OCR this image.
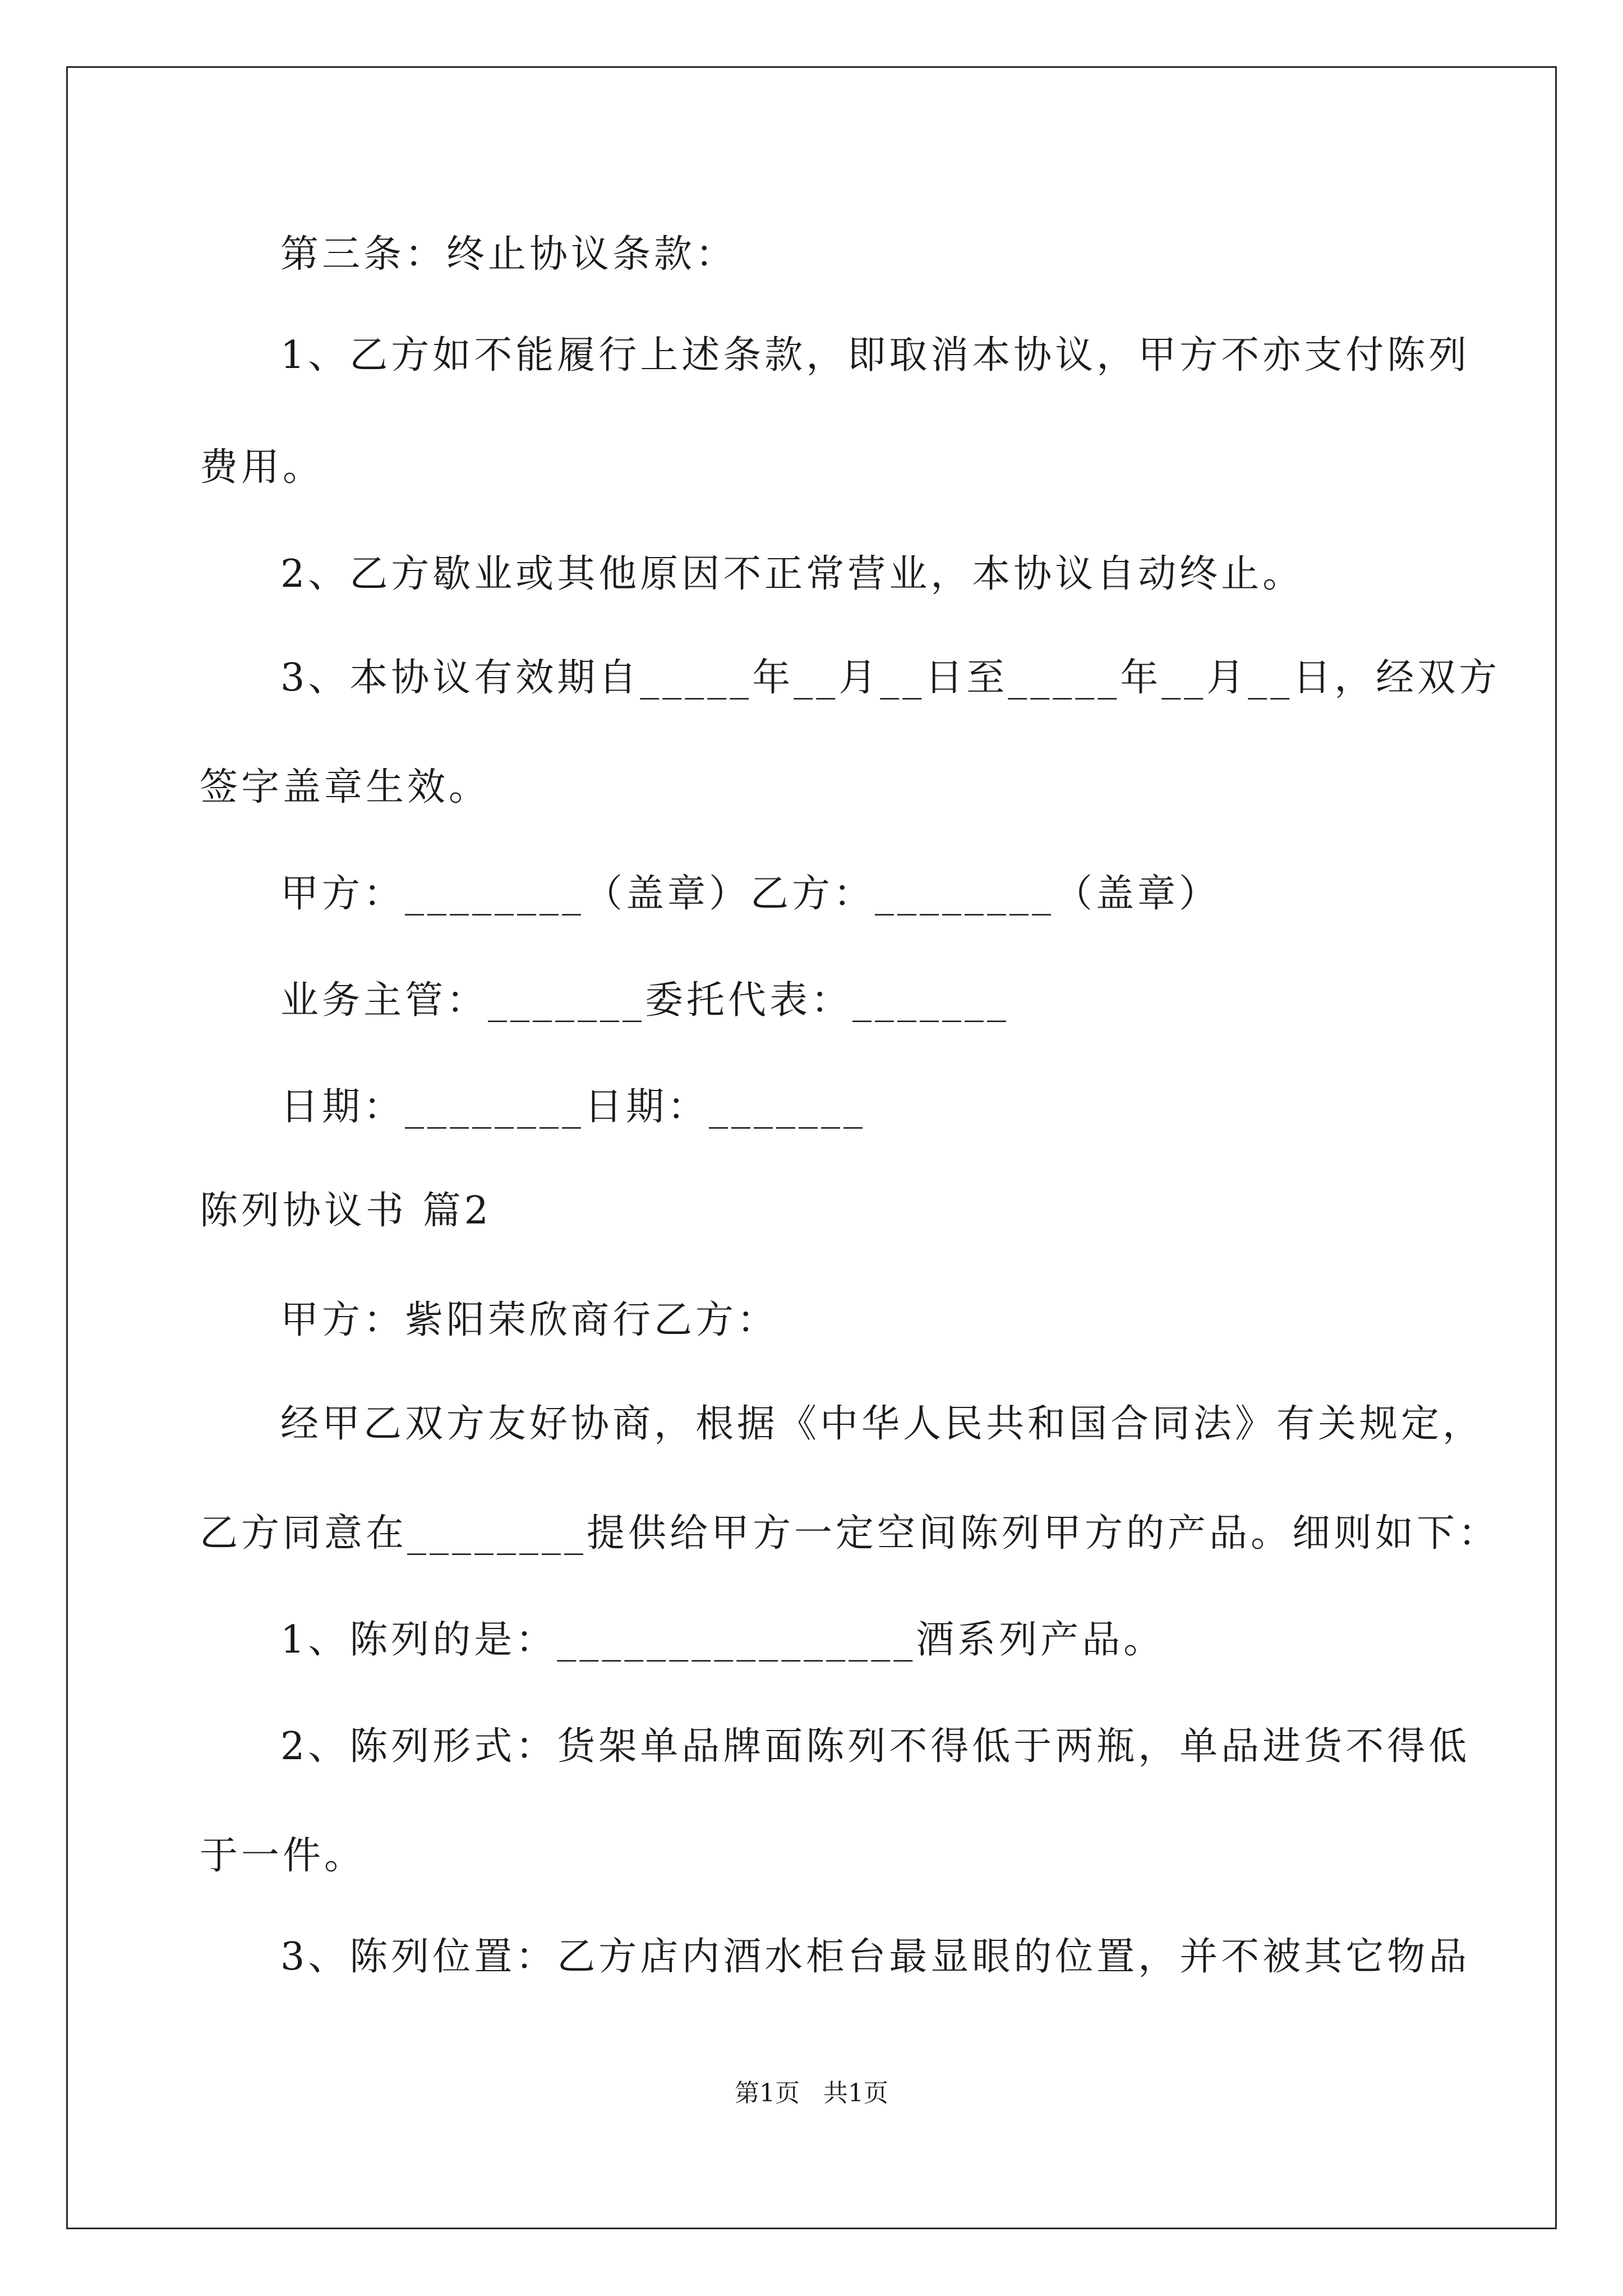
第三条：终止协议条款：
1、乙方如不能履行上述条款，即取消本协议，甲方不亦支付陈列
费用。
2、乙方歇业或其他原因不正常营业，本协议自动终止。
3、本协议有效期自_____年__月__日至_____年__月__日，经双方
签字盖章生效。
甲方：________（盖章）乙方：________（盖章）
业务主管：_______委托代表：_______
日期：________日期：_______
陈列协议书 篇2
甲方：紫阳荣欣商行乙方：
经甲乙双方友好协商，根据《中华人民共和国合同法》有关规定，
乙方同意在________提供给甲方一定空间陈列甲方的产品。细则如下：
1、陈列的是：________________酒系列产品。
2、陈列形式：货架单品牌面陈列不得低于两瓶，单品进货不得低
于一件。
3、陈列位置：乙方店内酒水柜台最显眼的位置，并不被其它物品
第1页   共1页
